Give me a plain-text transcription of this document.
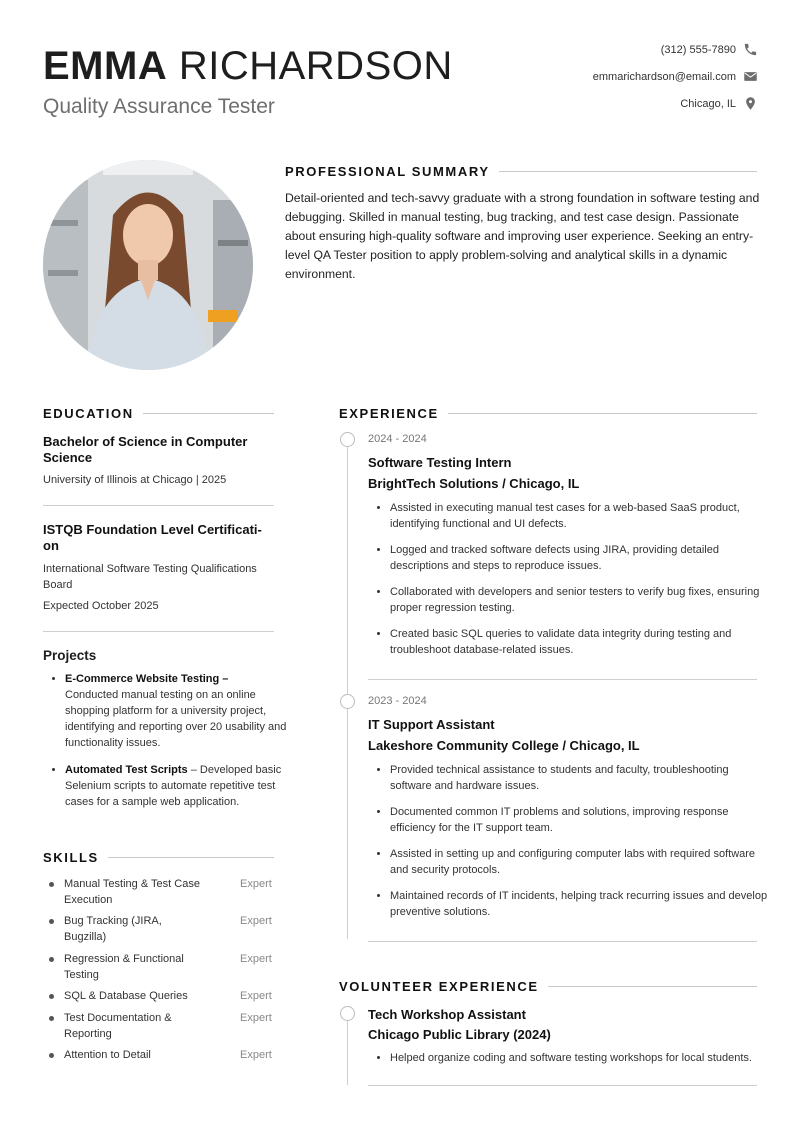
EMMA RICHARDSON
Quality Assurance Tester
(312) 555-7890
emmarichardson@email.com
Chicago, IL
PROFESSIONAL SUMMARY
Detail-oriented and tech-savvy graduate with a strong foundation in software testing and debugging. Skilled in manual testing, bug tracking, and test case design. Passionate about ensuring high-quality software and improving user experience. Seeking an entry-level QA Tester position to apply problem-solving and analytical skills in a dynamic environment.
EDUCATION
Bachelor of Science in Computer Science
University of Illinois at Chicago | 2025
ISTQB Foundation Level Certificati-on
International Software Testing Qualifications Board
Expected October 2025
Projects
• E-Commerce Website Testing –
Conducted manual testing on an online shopping platform for a university project, identifying and reporting over 20 usability and functionality issues.
• Automated Test Scripts – Developed basic Selenium scripts to automate repetitive test cases for a sample web application.
SKILLS
Manual Testing & Test Case Execution
Expert
Bug Tracking (JIRA, Bugzilla)
Expert
Regression & Functional Testing
Expert
SQL & Database Queries	Expert
Test Documentation & Reporting
Expert
Attention to Detail	Expert
EXPERIENCE
2024 - 2024
Software Testing Intern
BrightTech Solutions / Chicago, IL
• Assisted in executing manual test cases for a web-based SaaS product, identifying functional and UI defects.
• Logged and tracked software defects using JIRA, providing detailed descriptions and steps to reproduce issues.
• Collaborated with developers and senior testers to verify bug fixes, ensuring proper regression testing.
• Created basic SQL queries to validate data integrity during testing and troubleshoot database-related issues.
2023 - 2024
IT Support Assistant
Lakeshore Community College / Chicago, IL
• Provided technical assistance to students and faculty, troubleshooting software and hardware issues.
• Documented common IT problems and solutions, improving response efficiency for the IT support team.
• Assisted in setting up and configuring computer labs with required software and security protocols.
• Maintained records of IT incidents, helping track recurring issues and develop preventive solutions.
VOLUNTEER EXPERIENCE
Tech Workshop Assistant
Chicago Public Library (2024)
• Helped organize coding and software testing workshops for local students.
